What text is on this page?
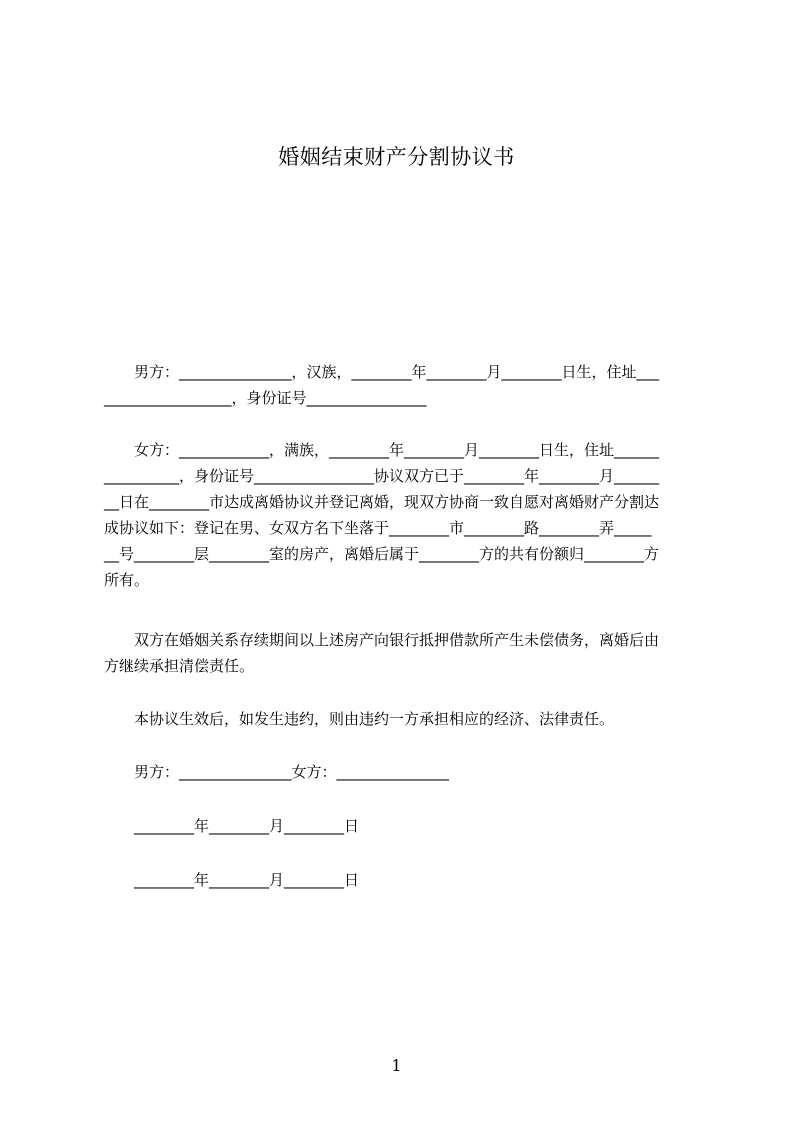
婚姻结束财产分割协议书
　　男方：_______________，汉族，________年________月________日生，住址___
_________________，身份证号________________
　　女方：____________，满族，________年________月________日生，住址______
__________，身份证号________________协议双方已于________年________月______
__日在________市达成离婚协议并登记离婚，现双方协商一致自愿对离婚财产分割达
成协议如下：登记在男、女双方名下坐落于________市________路________弄_____
__号________层________室的房产，离婚后属于________方的共有份额归________方
所有。
　　双方在婚姻关系存续期间以上述房产向银行抵押借款所产生未偿债务，离婚后由
方继续承担清偿责任。
　　本协议生效后，如发生违约，则由违约一方承担相应的经济、法律责任。
　　男方：_______________女方：_______________
　　________年________月________日
　　________年________月________日
1
